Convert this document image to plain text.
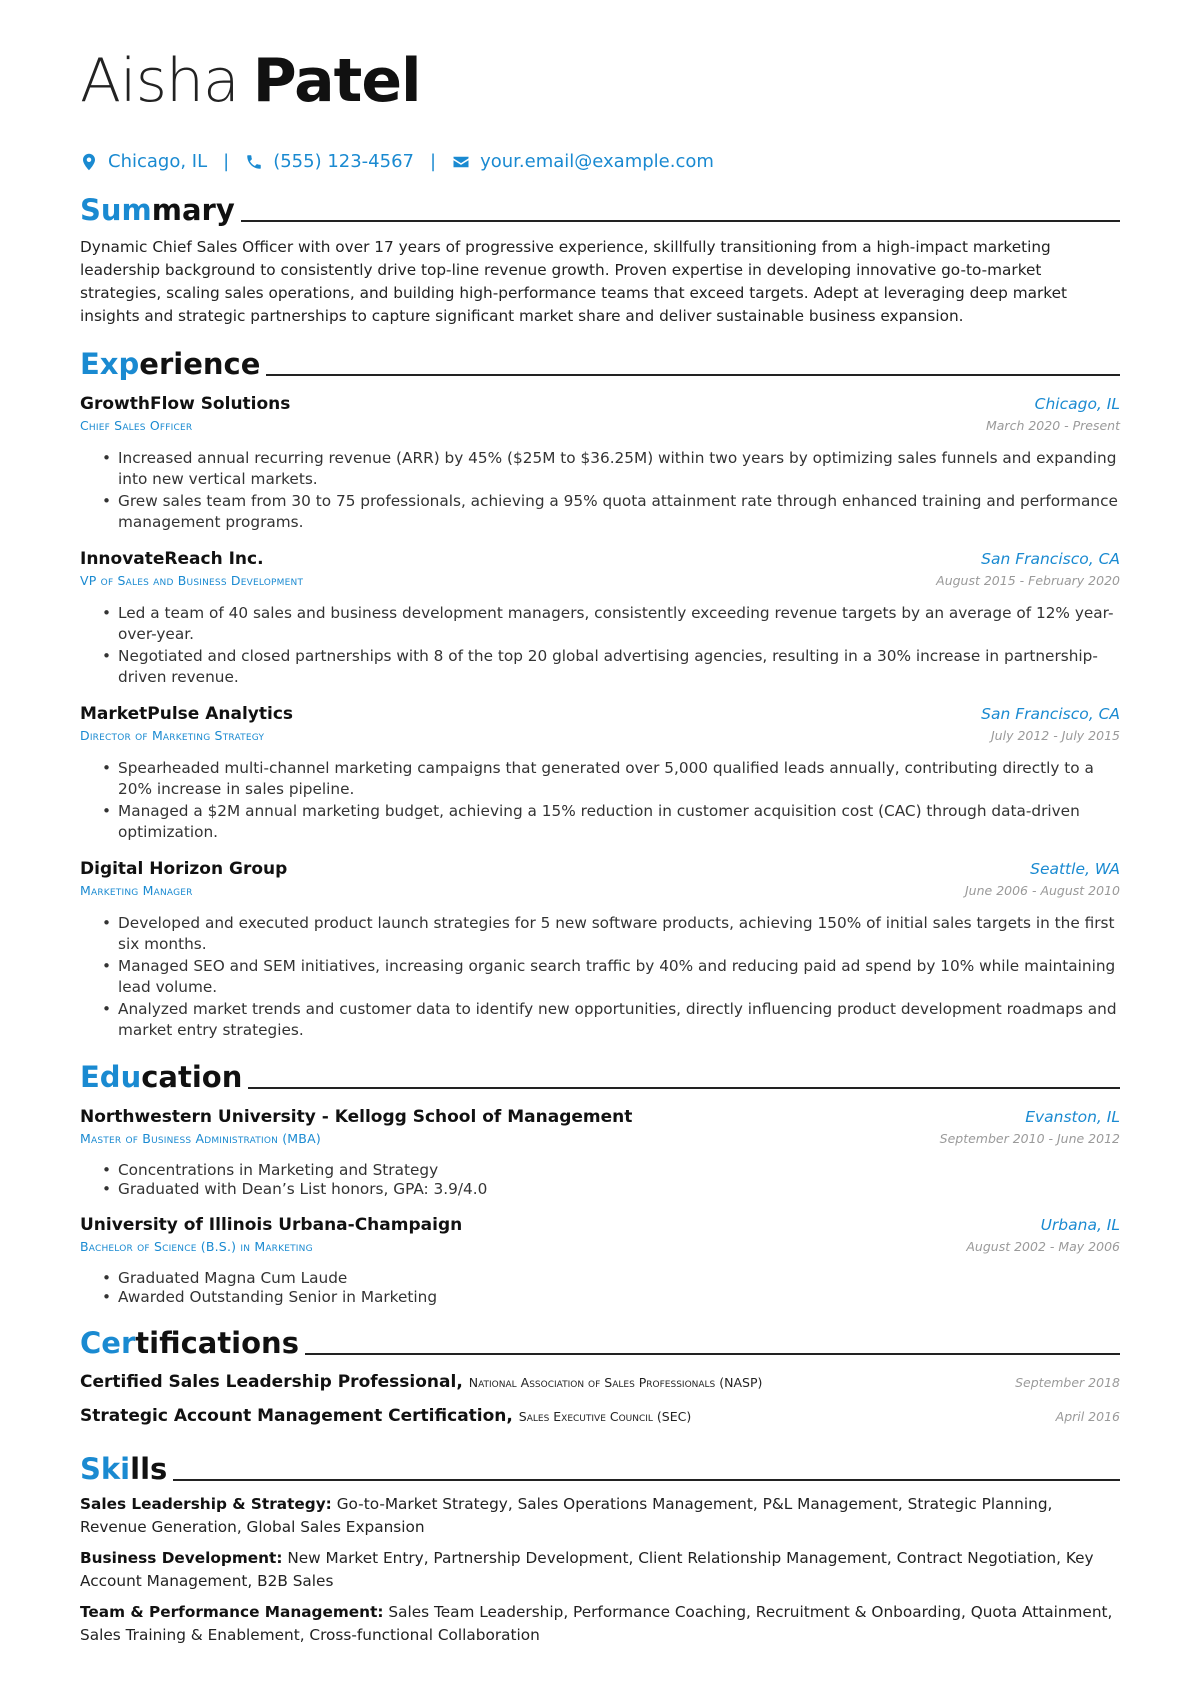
Aisha Patel
Chicago, IL | (555) 123-4567 | your.email@example.com
Summary
Dynamic Chief Sales Officer with over 17 years of progressive experience, skillfully transitioning from a high-impact marketing leadership background to consistently drive top-line revenue growth. Proven expertise in developing innovative go-to-market strategies, scaling sales operations, and building high-performance teams that exceed targets. Adept at leveraging deep market insights and strategic partnerships to capture significant market share and deliver sustainable business expansion.
Experience
GrowthFlow Solutions
Chief Sales Officer
Chicago, IL
March 2020 - Present
• Increased annual recurring revenue (ARR) by 45% ($25M to $36.25M) within two years by optimizing sales funnels and expanding into new vertical markets.
• Grew sales team from 30 to 75 professionals, achieving a 95% quota attainment rate through enhanced training and performance management programs.
InnovateReach Inc.
VP of Sales and Business Development
San Francisco, CA
August 2015 - February 2020
• Led a team of 40 sales and business development managers, consistently exceeding revenue targets by an average of 12% year-over-year.
• Negotiated and closed partnerships with 8 of the top 20 global advertising agencies, resulting in a 30% increase in partnership-driven revenue.
MarketPulse Analytics
Director of Marketing Strategy
San Francisco, CA
July 2012 - July 2015
• Spearheaded multi-channel marketing campaigns that generated over 5,000 qualified leads annually, contributing directly to a 20% increase in sales pipeline.
• Managed a $2M annual marketing budget, achieving a 15% reduction in customer acquisition cost (CAC) through data-driven optimization.
Digital Horizon Group
Marketing Manager
Seattle, WA
June 2006 - August 2010
• Developed and executed product launch strategies for 5 new software products, achieving 150% of initial sales targets in the first six months.
• Managed SEO and SEM initiatives, increasing organic search traffic by 40% and reducing paid ad spend by 10% while maintaining lead volume.
• Analyzed market trends and customer data to identify new opportunities, directly influencing product development roadmaps and market entry strategies.
Education
Northwestern University - Kellogg School of Management
Master of Business Administration (MBA)
Evanston, IL
September 2010 - June 2012
• Concentrations in Marketing and Strategy
• Graduated with Dean’s List honors, GPA: 3.9/4.0
University of Illinois Urbana-Champaign
Bachelor of Science (B.S.) in Marketing
Urbana, IL
August 2002 - May 2006
• Graduated Magna Cum Laude
• Awarded Outstanding Senior in Marketing
Certifications
Certified Sales Leadership Professional, National Association of Sales Professionals (NASP)	September 2018
Strategic Account Management Certification, Sales Executive Council (SEC)	April 2016
Skills
Sales Leadership & Strategy: Go-to-Market Strategy, Sales Operations Management, P&L Management, Strategic Planning, Revenue Generation, Global Sales Expansion
Business Development: New Market Entry, Partnership Development, Client Relationship Management, Contract Negotiation, Key Account Management, B2B Sales
Team & Performance Management: Sales Team Leadership, Performance Coaching, Recruitment & Onboarding, Quota Attainment, Sales Training & Enablement, Cross-functional Collaboration
